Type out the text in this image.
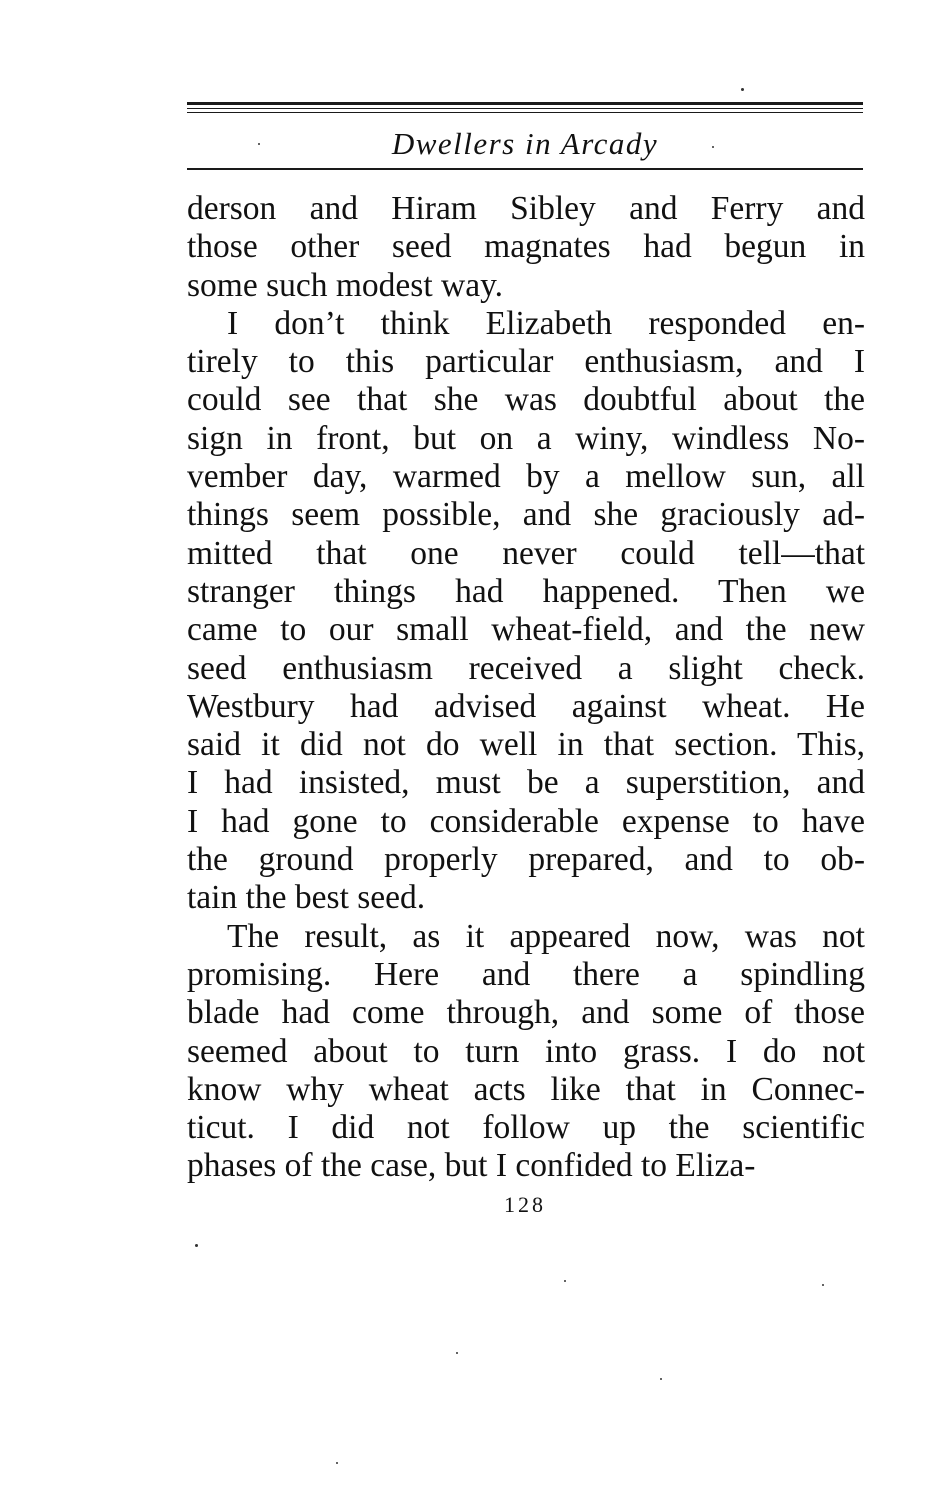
Dwellers in Arcady
derson and Hiram Sibley and Ferry and
those other seed magnates had begun in
some such modest way.
I don’t think Elizabeth responded en-
tirely to this particular enthusiasm, and I
could see that she was doubtful about the
sign in front, but on a winy, windless No-
vember day, warmed by a mellow sun, all
things seem possible, and she graciously ad-
mitted that one never could tell—that
stranger things had happened. Then we
came to our small wheat-field, and the new
seed enthusiasm received a slight check.
Westbury had advised against wheat. He
said it did not do well in that section. This,
I had insisted, must be a superstition, and
I had gone to considerable expense to have
the ground properly prepared, and to ob-
tain the best seed.
The result, as it appeared now, was not
promising. Here and there a spindling
blade had come through, and some of those
seemed about to turn into grass. I do not
know why wheat acts like that in Connec-
ticut. I did not follow up the scientific
phases of the case, but I confided to Eliza-
128
